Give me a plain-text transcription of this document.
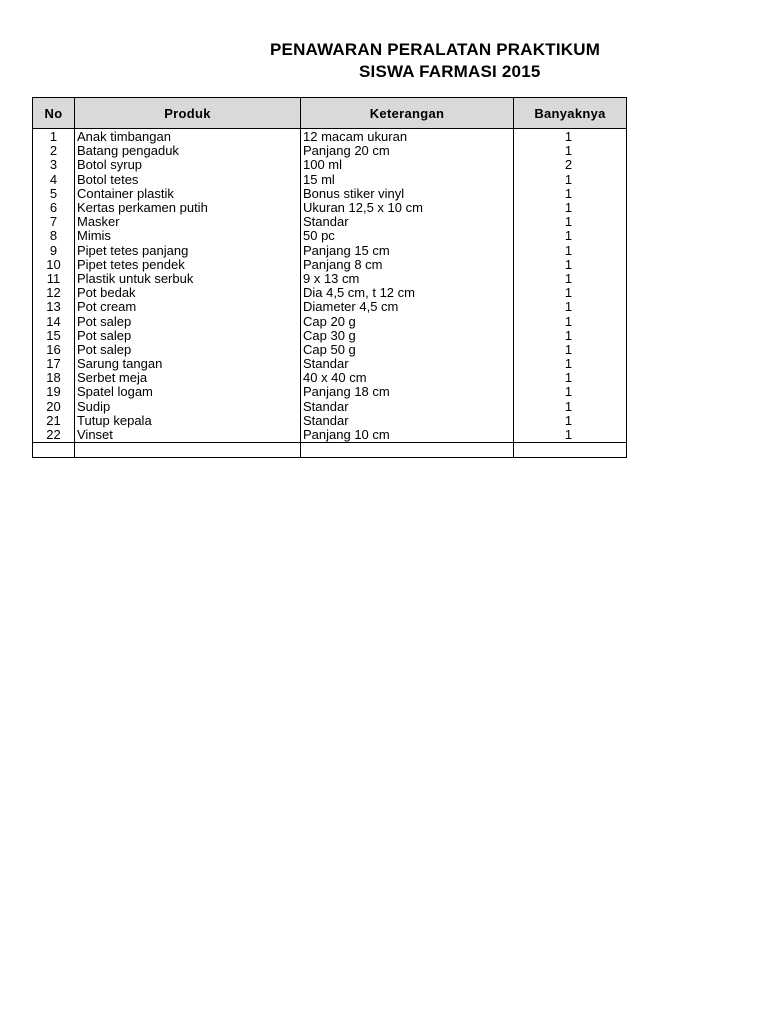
PENAWARAN PERALATAN PRAKTIKUM
SISWA FARMASI 2015
No	Produk	Keterangan	Banyaknya
1	Anak timbangan	12 macam ukuran	1
2	Batang pengaduk	Panjang 20 cm	1
3	Botol syrup	100 ml	2
4	Botol tetes	15 ml	1
5	Container plastik	Bonus stiker vinyl	1
6	Kertas perkamen putih	Ukuran 12,5 x 10 cm	1
7	Masker	Standar	1
8	Mimis	50 pc	1
9	Pipet tetes panjang	Panjang 15 cm	1
10	Pipet tetes pendek	Panjang 8 cm	1
11	Plastik untuk serbuk	9 x 13 cm	1
12	Pot bedak	Dia 4,5 cm, t 12 cm	1
13	Pot cream	Diameter 4,5 cm	1
14	Pot salep	Cap 20 g	1
15	Pot salep	Cap 30 g	1
16	Pot salep	Cap 50 g	1
17	Sarung tangan	Standar	1
18	Serbet meja	40 x 40 cm	1
19	Spatel logam	Panjang 18 cm	1
20	Sudip	Standar	1
21	Tutup kepala	Standar	1
22	Vinset	Panjang 10 cm	1
